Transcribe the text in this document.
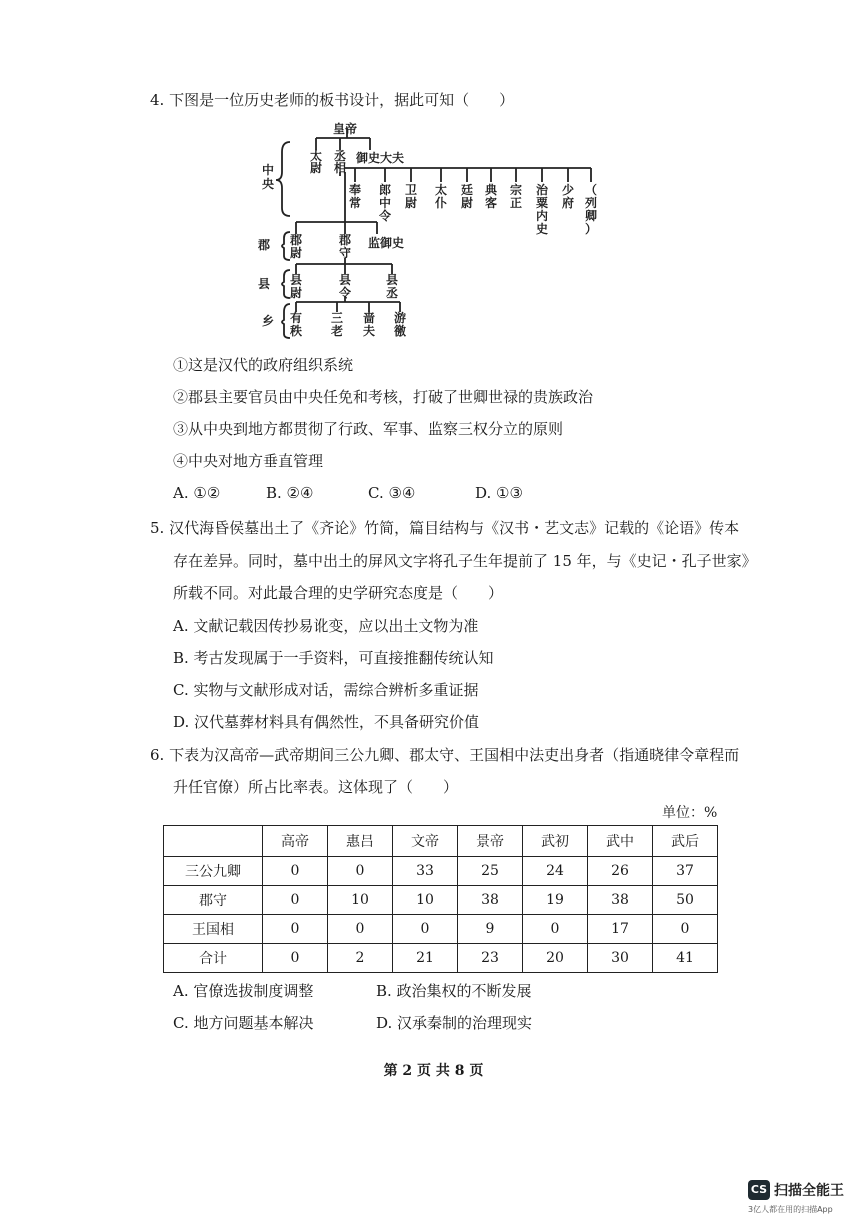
4. 下图是一位历史老师的板书设计，据此可知（　　）
中央
郡
县
乡
皇帝
太尉
丞相
御史大夫
奉常
郎中令
卫尉
太仆
廷尉
典客
宗正
治粟内史
少府
（列卿）
郡尉
郡守
监御史
县尉
县令
县丞
有秩
三老
啬夫
游徼
①这是汉代的政府组织系统
②郡县主要官员由中央任免和考核，打破了世卿世禄的贵族政治
③从中央到地方都贯彻了行政、军事、监察三权分立的原则
④中央对地方垂直管理
A. ①②	B. ②④	C. ③④	D. ①③
5. 汉代海昏侯墓出土了《齐论》竹简，篇目结构与《汉书・艺文志》记载的《论语》传本
存在差异。同时，墓中出土的屏风文字将孔子生年提前了 15 年，与《史记・孔子世家》
所载不同。对此最合理的史学研究态度是（　　）
A. 文献记载因传抄易讹变，应以出土文物为准
B. 考古发现属于一手资料，可直接推翻传统认知
C. 实物与文献形成对话，需综合辨析多重证据
D. 汉代墓葬材料具有偶然性，不具备研究价值
6. 下表为汉高帝—武帝期间三公九卿、郡太守、王国相中法吏出身者（指通晓律令章程而
升任官僚）所占比率表。这体现了（　　）
单位：%
	高帝	惠吕	文帝	景帝	武初	武中	武后
三公九卿	0	0	33	25	24	26	37
郡守	0	10	10	38	19	38	50
王国相	0	0	0	9	0	17	0
合计	0	2	21	23	20	30	41
A. 官僚选拔制度调整	B. 政治集权的不断发展
C. 地方问题基本解决	D. 汉承秦制的治理现实
第 2 页 共 8 页
CS 扫描全能王
3亿人都在用的扫描App
